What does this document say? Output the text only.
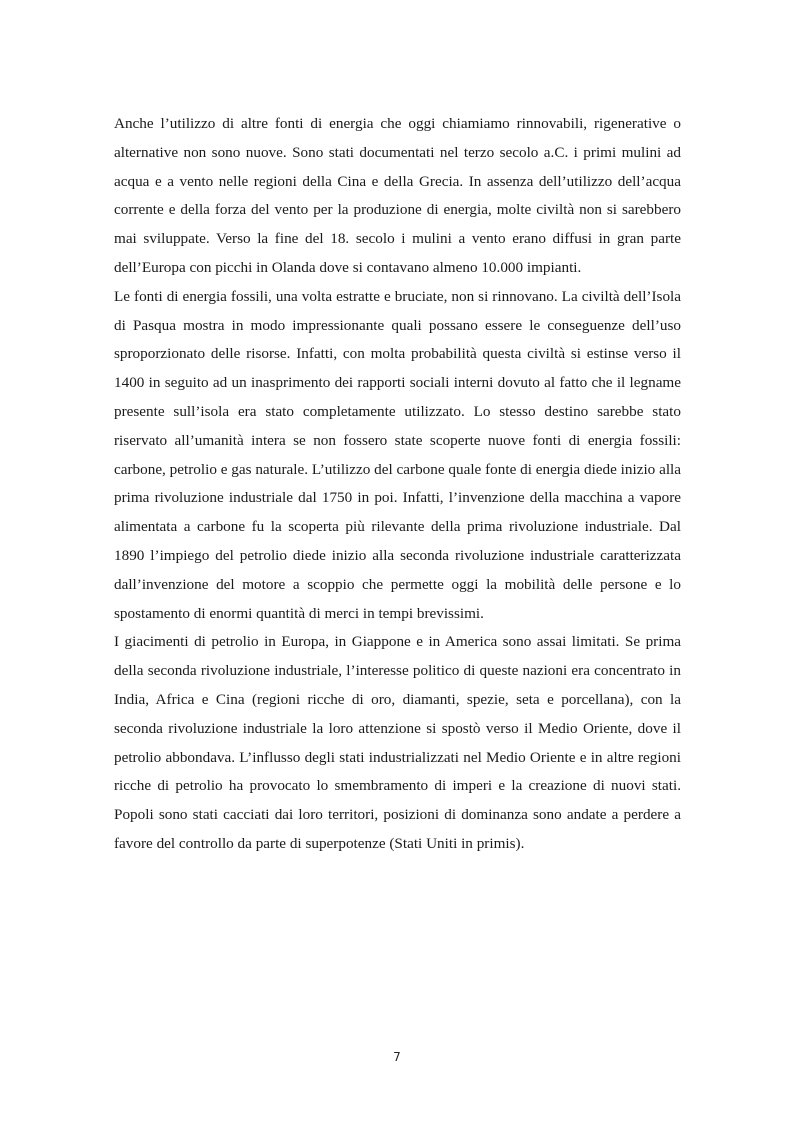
Anche l’utilizzo di altre fonti di energia che oggi chiamiamo rinnovabili, rigenerative o alternative non sono nuove. Sono stati documentati nel terzo secolo a.C. i primi mulini ad acqua e a vento nelle regioni della Cina e della Grecia. In assenza dell’utilizzo dell’acqua corrente e della forza del vento per la produzione di energia, molte civiltà non si sarebbero mai sviluppate. Verso la fine del 18. secolo i mulini a vento erano diffusi in gran parte dell’Europa con picchi in Olanda dove si contavano almeno 10.000 impianti.

Le fonti di energia fossili, una volta estratte e bruciate, non si rinnovano. La civiltà dell’Isola di Pasqua mostra in modo impressionante quali possano essere le conseguenze dell’uso sproporzionato delle risorse. Infatti, con molta probabilità questa civiltà si estinse verso il 1400 in seguito ad un inasprimento dei rapporti sociali interni dovuto al fatto che il legname presente sull’isola era stato completamente utilizzato. Lo stesso destino sarebbe stato riservato all’umanità intera se non fossero state scoperte nuove fonti di energia fossili: carbone, petrolio e gas naturale. L’utilizzo del carbone quale fonte di energia diede inizio alla prima rivoluzione industriale dal 1750 in poi. Infatti, l’invenzione della macchina a vapore alimentata a carbone fu la scoperta più rilevante della prima rivoluzione industriale. Dal 1890 l’impiego del petrolio diede inizio alla seconda rivoluzione industriale caratterizzata dall’invenzione del motore a scoppio che permette oggi la mobilità delle persone e lo spostamento di enormi quantità di merci in tempi brevissimi.

I giacimenti di petrolio in Europa, in Giappone e in America sono assai limitati. Se prima della seconda rivoluzione industriale, l’interesse politico di queste nazioni era concentrato in India, Africa e Cina (regioni ricche di oro, diamanti, spezie, seta e porcellana), con la seconda rivoluzione industriale la loro attenzione si spostò verso il Medio Oriente, dove il petrolio abbondava. L’influsso degli stati industrializzati nel Medio Oriente e in altre regioni ricche di petrolio ha provocato lo smembramento di imperi e la creazione di nuovi stati. Popoli sono stati cacciati dai loro territori, posizioni di dominanza sono andate a perdere a favore del controllo da parte di superpotenze (Stati Uniti in primis).

7
